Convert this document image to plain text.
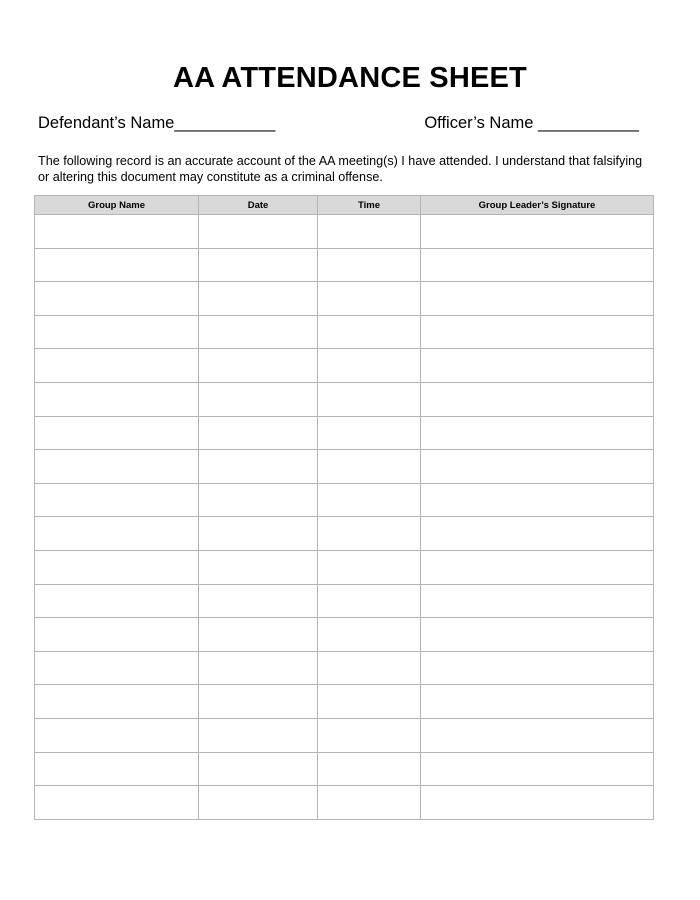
AA ATTENDANCE SHEET
Defendant’s Name___________	Officer’s Name ___________
The following record is an accurate account of the AA meeting(s) I have attended. I understand that falsifying or altering this document may constitute as a criminal offense.
Group Name	Date	Time	Group Leader’s Signature
